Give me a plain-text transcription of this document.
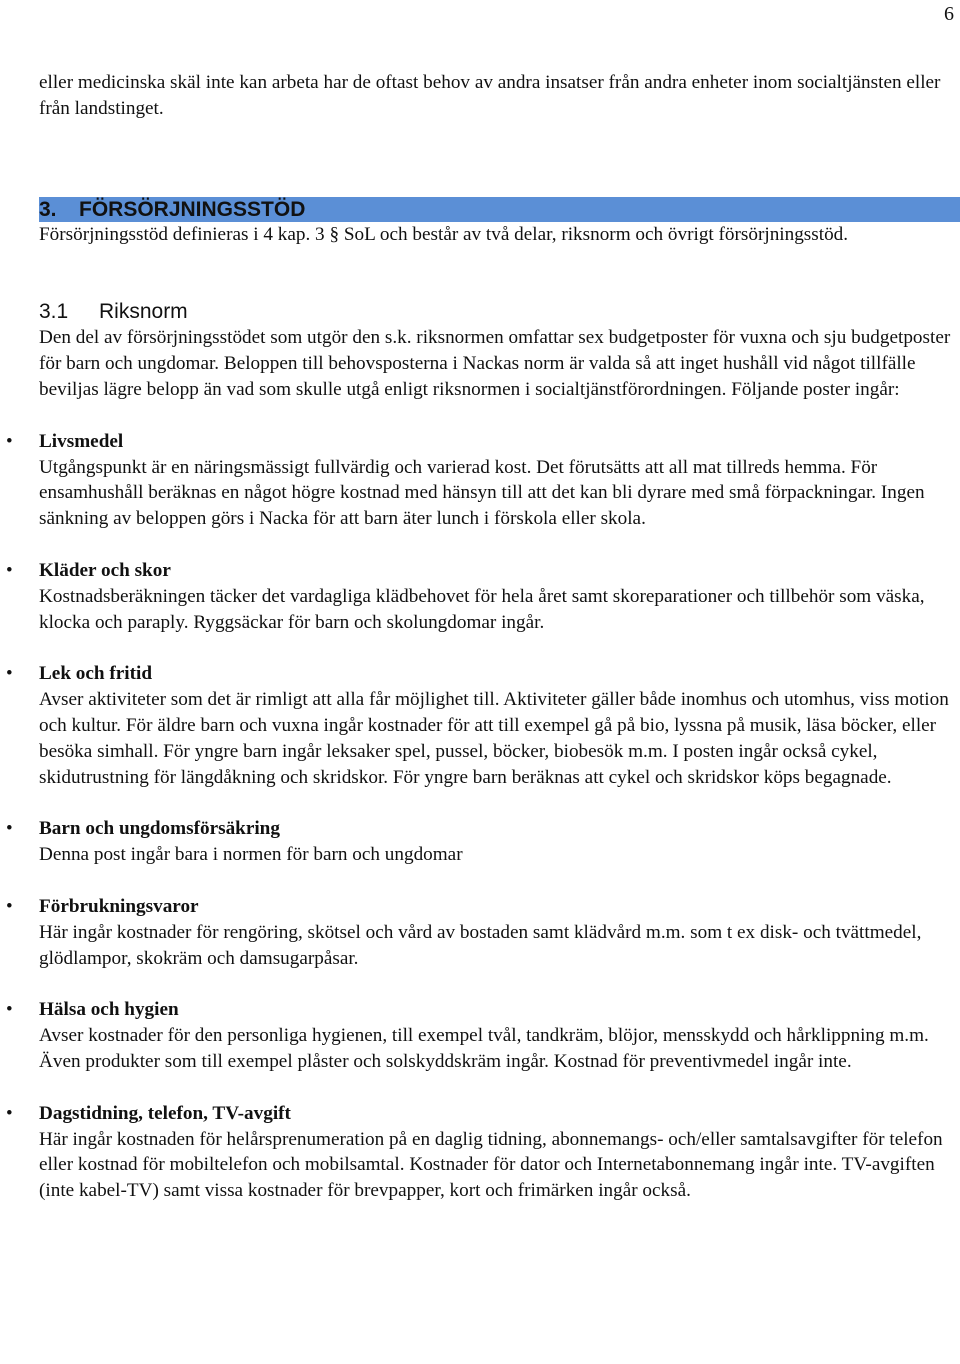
6

eller medicinska skäl inte kan arbeta har de oftast behov av andra insatser från andra enheter inom socialtjänsten eller från landstinget.

3. FÖRSÖRJNINGSSTÖD

Försörjningsstöd definieras i 4 kap. 3 § SoL och består av två delar, riksnorm och övrigt försörjningsstöd.

3.1 Riksnorm

Den del av försörjningsstödet som utgör den s.k. riksnormen omfattar sex budgetposter för vuxna och sju budgetposter för barn och ungdomar. Beloppen till behovsposterna i Nackas norm är valda så att inget hushåll vid något tillfälle beviljas lägre belopp än vad som skulle utgå enligt riksnormen i socialtjänstförordningen. Följande poster ingår:

• Livsmedel

Utgångspunkt är en näringsmässigt fullvärdig och varierad kost. Det förutsätts att all mat tillreds hemma. För ensamhushåll beräknas en något högre kostnad med hänsyn till att det kan bli dyrare med små förpackningar. Ingen sänkning av beloppen görs i Nacka för att barn äter lunch i förskola eller skola.

• Kläder och skor

Kostnadsberäkningen täcker det vardagliga klädbehovet för hela året samt skoreparationer och tillbehör som väska, klocka och paraply. Ryggsäckar för barn och skolungdomar ingår.

• Lek och fritid

Avser aktiviteter som det är rimligt att alla får möjlighet till. Aktiviteter gäller både inomhus och utomhus, viss motion och kultur. För äldre barn och vuxna ingår kostnader för att till exempel gå på bio, lyssna på musik, läsa böcker, eller besöka simhall. För yngre barn ingår leksaker spel, pussel, böcker, biobesök m.m. I posten ingår också cykel, skidutrustning för längdåkning och skridskor. För yngre barn beräknas att cykel och skridskor köps begagnade.

• Barn och ungdomsförsäkring

Denna post ingår bara i normen för barn och ungdomar

• Förbrukningsvaror

Här ingår kostnader för rengöring, skötsel och vård av bostaden samt klädvård m.m. som t ex disk- och tvättmedel, glödlampor, skokräm och damsugarpåsar.

• Hälsa och hygien

Avser kostnader för den personliga hygienen, till exempel tvål, tandkräm, blöjor, mensskydd och hårklippning m.m. Även produkter som till exempel plåster och solskyddskräm ingår. Kostnad för preventivmedel ingår inte.

• Dagstidning, telefon, TV-avgift

Här ingår kostnaden för helårsprenumeration på en daglig tidning, abonnemangs- och/eller samtalsavgifter för telefon eller kostnad för mobiltelefon och mobilsamtal. Kostnader för dator och Internetabonnemang ingår inte. TV-avgiften (inte kabel-TV) samt vissa kostnader för brevpapper, kort och frimärken ingår också.
